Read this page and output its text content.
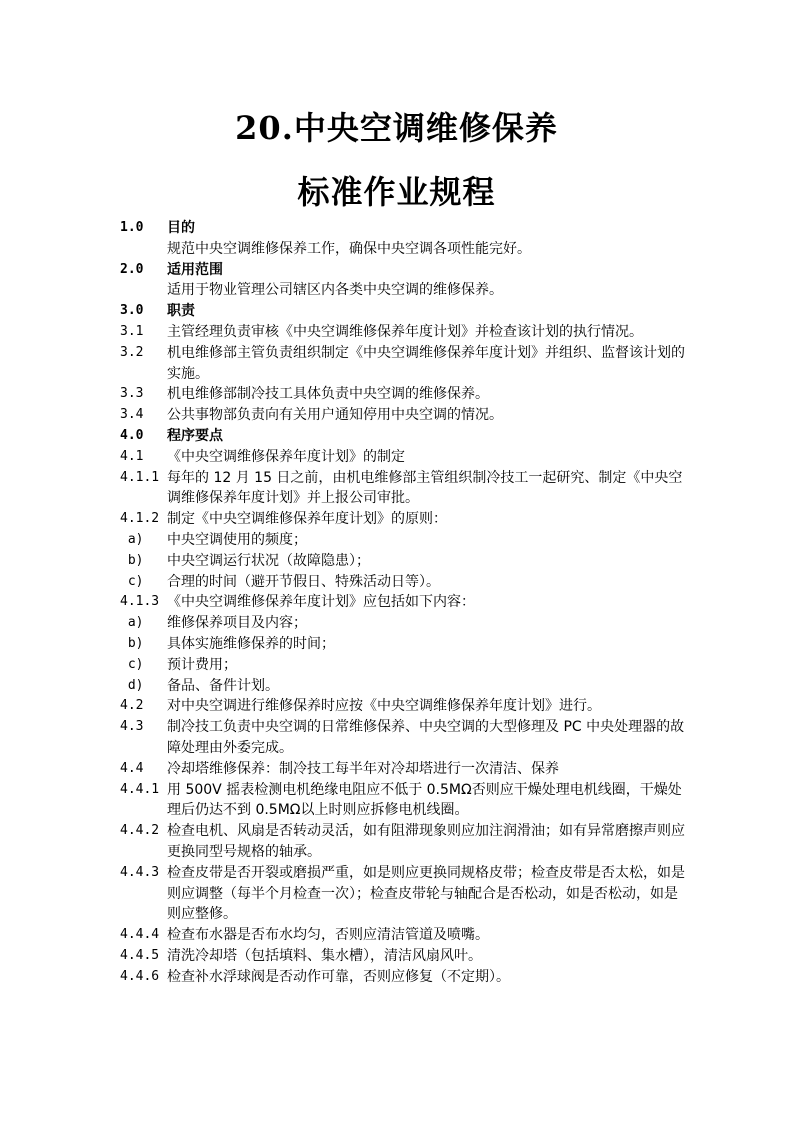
20.中央空调维修保养
标准作业规程
1.0	目的
规范中央空调维修保养工作，确保中央空调各项性能完好。
2.0	适用范围
适用于物业管理公司辖区内各类中央空调的维修保养。
3.0	职责
3.1	主管经理负责审核《中央空调维修保养年度计划》并检查该计划的执行情况。
3.2	机电维修部主管负责组织制定《中央空调维修保养年度计划》并组织、监督该计划的实施。
3.3	机电维修部制冷技工具体负责中央空调的维修保养。
3.4	公共事物部负责向有关用户通知停用中央空调的情况。
4.0	程序要点
4.1	《中央空调维修保养年度计划》的制定
4.1.1 每年的 12 月 15 日之前，由机电维修部主管组织制冷技工一起研究、制定《中央空调维修保养年度计划》并上报公司审批。
4.1.2 制定《中央空调维修保养年度计划》的原则：
a)	中央空调使用的频度；
b)	中央空调运行状况（故障隐患）；
c)	合理的时间（避开节假日、特殊活动日等）。
4.1.3 《中央空调维修保养年度计划》应包括如下内容：
a)	维修保养项目及内容；
b)	具体实施维修保养的时间；
c)	预计费用；
d)	备品、备件计划。
4.2	对中央空调进行维修保养时应按《中央空调维修保养年度计划》进行。
4.3	制冷技工负责中央空调的日常维修保养、中央空调的大型修理及 PC 中央处理器的故障处理由外委完成。
4.4	冷却塔维修保养：制冷技工每半年对冷却塔进行一次清洁、保养
4.4.1 用 500V 摇表检测电机绝缘电阻应不低于 0.5MΩ否则应干燥处理电机线圈，干燥处理后仍达不到 0.5MΩ以上时则应拆修电机线圈。
4.4.2 检查电机、风扇是否转动灵活，如有阻滞现象则应加注润滑油；如有异常磨擦声则应更换同型号规格的轴承。
4.4.3 检查皮带是否开裂或磨损严重，如是则应更换同规格皮带；检查皮带是否太松，如是则应调整（每半个月检查一次）；检查皮带轮与轴配合是否松动，如是否松动，如是则应整修。
4.4.4 检查布水器是否布水均匀，否则应清洁管道及喷嘴。
4.4.5 清洗冷却塔（包括填料、集水槽），清洁风扇风叶。
4.4.6 检查补水浮球阀是否动作可靠，否则应修复（不定期）。
